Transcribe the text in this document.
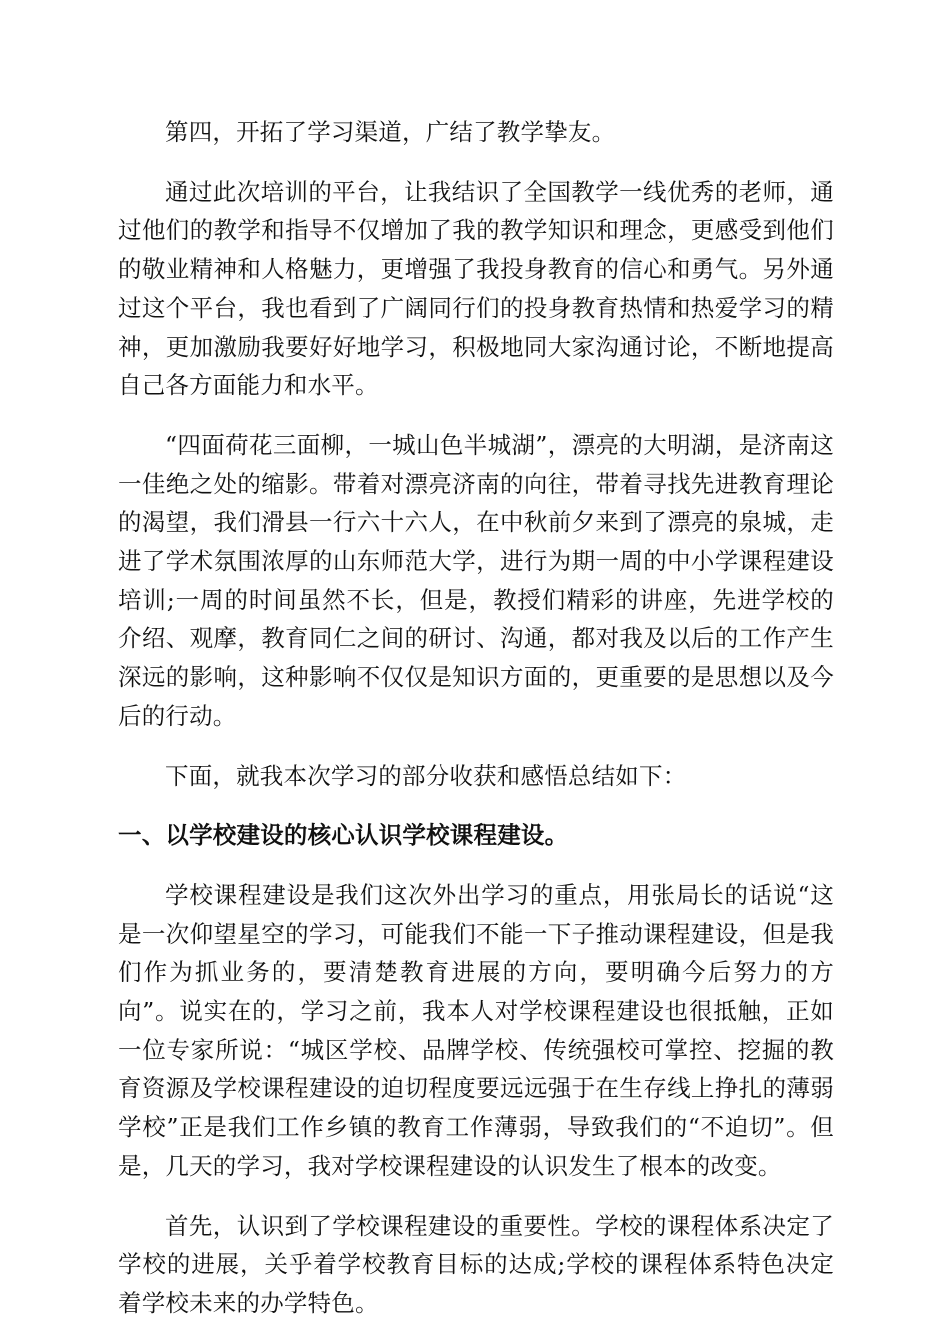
第四，开拓了学习渠道，广结了教学挚友。

通过此次培训的平台，让我结识了全国教学一线优秀的老师，通过他们的教学和指导不仅增加了我的教学知识和理念，更感受到他们的敬业精神和人格魅力，更增强了我投身教育的信心和勇气。另外通过这个平台，我也看到了广阔同行们的投身教育热情和热爱学习的精神，更加激励我要好好地学习，积极地同大家沟通讨论，不断地提高自己各方面能力和水平。

“四面荷花三面柳，一城山色半城湖”，漂亮的大明湖，是济南这一佳绝之处的缩影。带着对漂亮济南的向往，带着寻找先进教育理论的渴望，我们滑县一行六十六人，在中秋前夕来到了漂亮的泉城，走进了学术氛围浓厚的山东师范大学，进行为期一周的中小学课程建设培训;一周的时间虽然不长，但是，教授们精彩的讲座，先进学校的介绍、观摩，教育同仁之间的研讨、沟通，都对我及以后的工作产生深远的影响，这种影响不仅仅是知识方面的，更重要的是思想以及今后的行动。

下面，就我本次学习的部分收获和感悟总结如下：

一、以学校建设的核心认识学校课程建设。

学校课程建设是我们这次外出学习的重点，用张局长的话说“这是一次仰望星空的学习，可能我们不能一下子推动课程建设，但是我们作为抓业务的，要清楚教育进展的方向，要明确今后努力的方向”。说实在的，学习之前，我本人对学校课程建设也很抵触，正如一位专家所说：“城区学校、品牌学校、传统强校可掌控、挖掘的教育资源及学校课程建设的迫切程度要远远强于在生存线上挣扎的薄弱学校”正是我们工作乡镇的教育工作薄弱，导致我们的“不迫切”。但是，几天的学习，我对学校课程建设的认识发生了根本的改变。

首先，认识到了学校课程建设的重要性。学校的课程体系决定了学校的进展，关乎着学校教育目标的达成;学校的课程体系特色决定着学校未来的办学特色。
